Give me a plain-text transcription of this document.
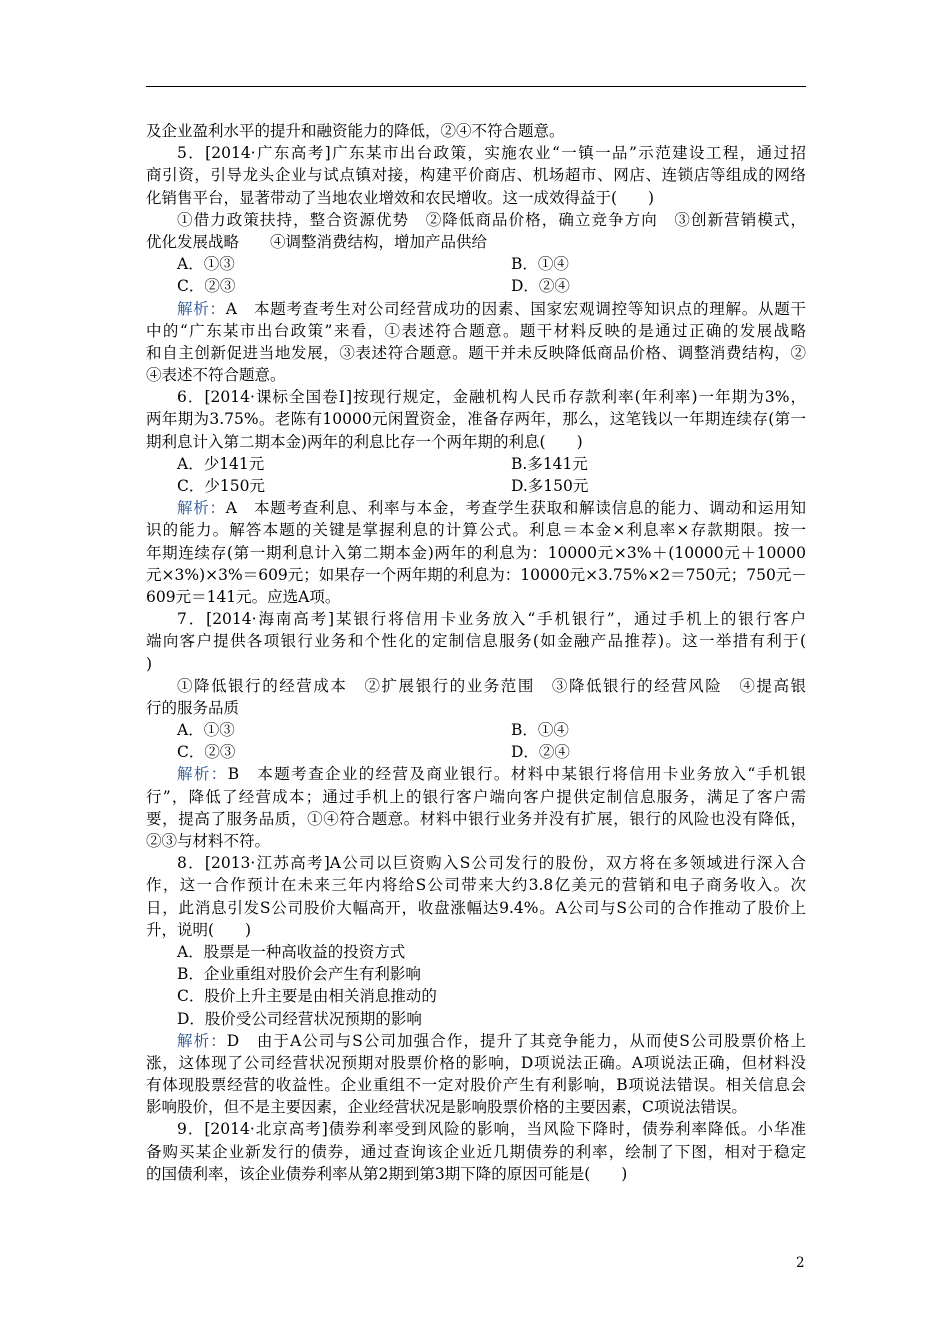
及企业盈利水平的提升和融资能力的降低，②④不符合题意。
5．[2014·广东高考]广东某市出台政策，实施农业“一镇一品”示范建设工程，通过招
商引资，引导龙头企业与试点镇对接，构建平价商店、机场超市、网店、连锁店等组成的网络
化销售平台，显著带动了当地农业增效和农民增收。这一成效得益于(　　)
①借力政策扶持，整合资源优势　②降低商品价格，确立竞争方向　③创新营销模式，
优化发展战略　　④调整消费结构，增加产品供给
A．①③	B．①④
C．②③	D．②④
解析：A　本题考查考生对公司经营成功的因素、国家宏观调控等知识点的理解。从题干
中的“广东某市出台政策”来看，①表述符合题意。题干材料反映的是通过正确的发展战略
和自主创新促进当地发展，③表述符合题意。题干并未反映降低商品价格、调整消费结构，②
④表述不符合题意。
6．[2014·课标全国卷Ⅰ]按现行规定，金融机构人民币存款利率(年利率)一年期为3%，
两年期为3.75%。老陈有10000元闲置资金，准备存两年，那么，这笔钱以一年期连续存(第一
期利息计入第二期本金)两年的利息比存一个两年期的利息(　　)
A．少141元	B.多141元
C．少150元	D.多150元
解析：A　本题考查利息、利率与本金，考查学生获取和解读信息的能力、调动和运用知
识的能力。解答本题的关键是掌握利息的计算公式。利息＝本金×利息率×存款期限。按一
年期连续存(第一期利息计入第二期本金)两年的利息为：10000元×3%＋(10000元＋10000
元×3%)×3%＝609元；如果存一个两年期的利息为：10000元×3.75%×2＝750元；750元－
609元＝141元。应选A项。
7．[2014·海南高考]某银行将信用卡业务放入“手机银行”，通过手机上的银行客户
端向客户提供各项银行业务和个性化的定制信息服务(如金融产品推荐)。这一举措有利于(
)
①降低银行的经营成本　②扩展银行的业务范围　③降低银行的经营风险　④提高银
行的服务品质
A．①③	B．①④
C．②③	D．②④
解析：B　本题考查企业的经营及商业银行。材料中某银行将信用卡业务放入“手机银
行”，降低了经营成本；通过手机上的银行客户端向客户提供定制信息服务，满足了客户需
要，提高了服务品质，①④符合题意。材料中银行业务并没有扩展，银行的风险也没有降低，
②③与材料不符。
8．[2013·江苏高考]A公司以巨资购入S公司发行的股份，双方将在多领域进行深入合
作，这一合作预计在未来三年内将给S公司带来大约3.8亿美元的营销和电子商务收入。次
日，此消息引发S公司股价大幅高开，收盘涨幅达9.4%。A公司与S公司的合作推动了股价上
升，说明(　　)
A．股票是一种高收益的投资方式
B．企业重组对股价会产生有利影响
C．股价上升主要是由相关消息推动的
D．股价受公司经营状况预期的影响
解析：D　由于A公司与S公司加强合作，提升了其竞争能力，从而使S公司股票价格上
涨，这体现了公司经营状况预期对股票价格的影响，D项说法正确。A项说法正确，但材料没
有体现股票经营的收益性。企业重组不一定对股价产生有利影响，B项说法错误。相关信息会
影响股价，但不是主要因素，企业经营状况是影响股票价格的主要因素，C项说法错误。
9．[2014·北京高考]债券利率受到风险的影响，当风险下降时，债券利率降低。小华准
备购买某企业新发行的债券，通过查询该企业近几期债券的利率，绘制了下图，相对于稳定
的国债利率，该企业债券利率从第2期到第3期下降的原因可能是(　　)
2
